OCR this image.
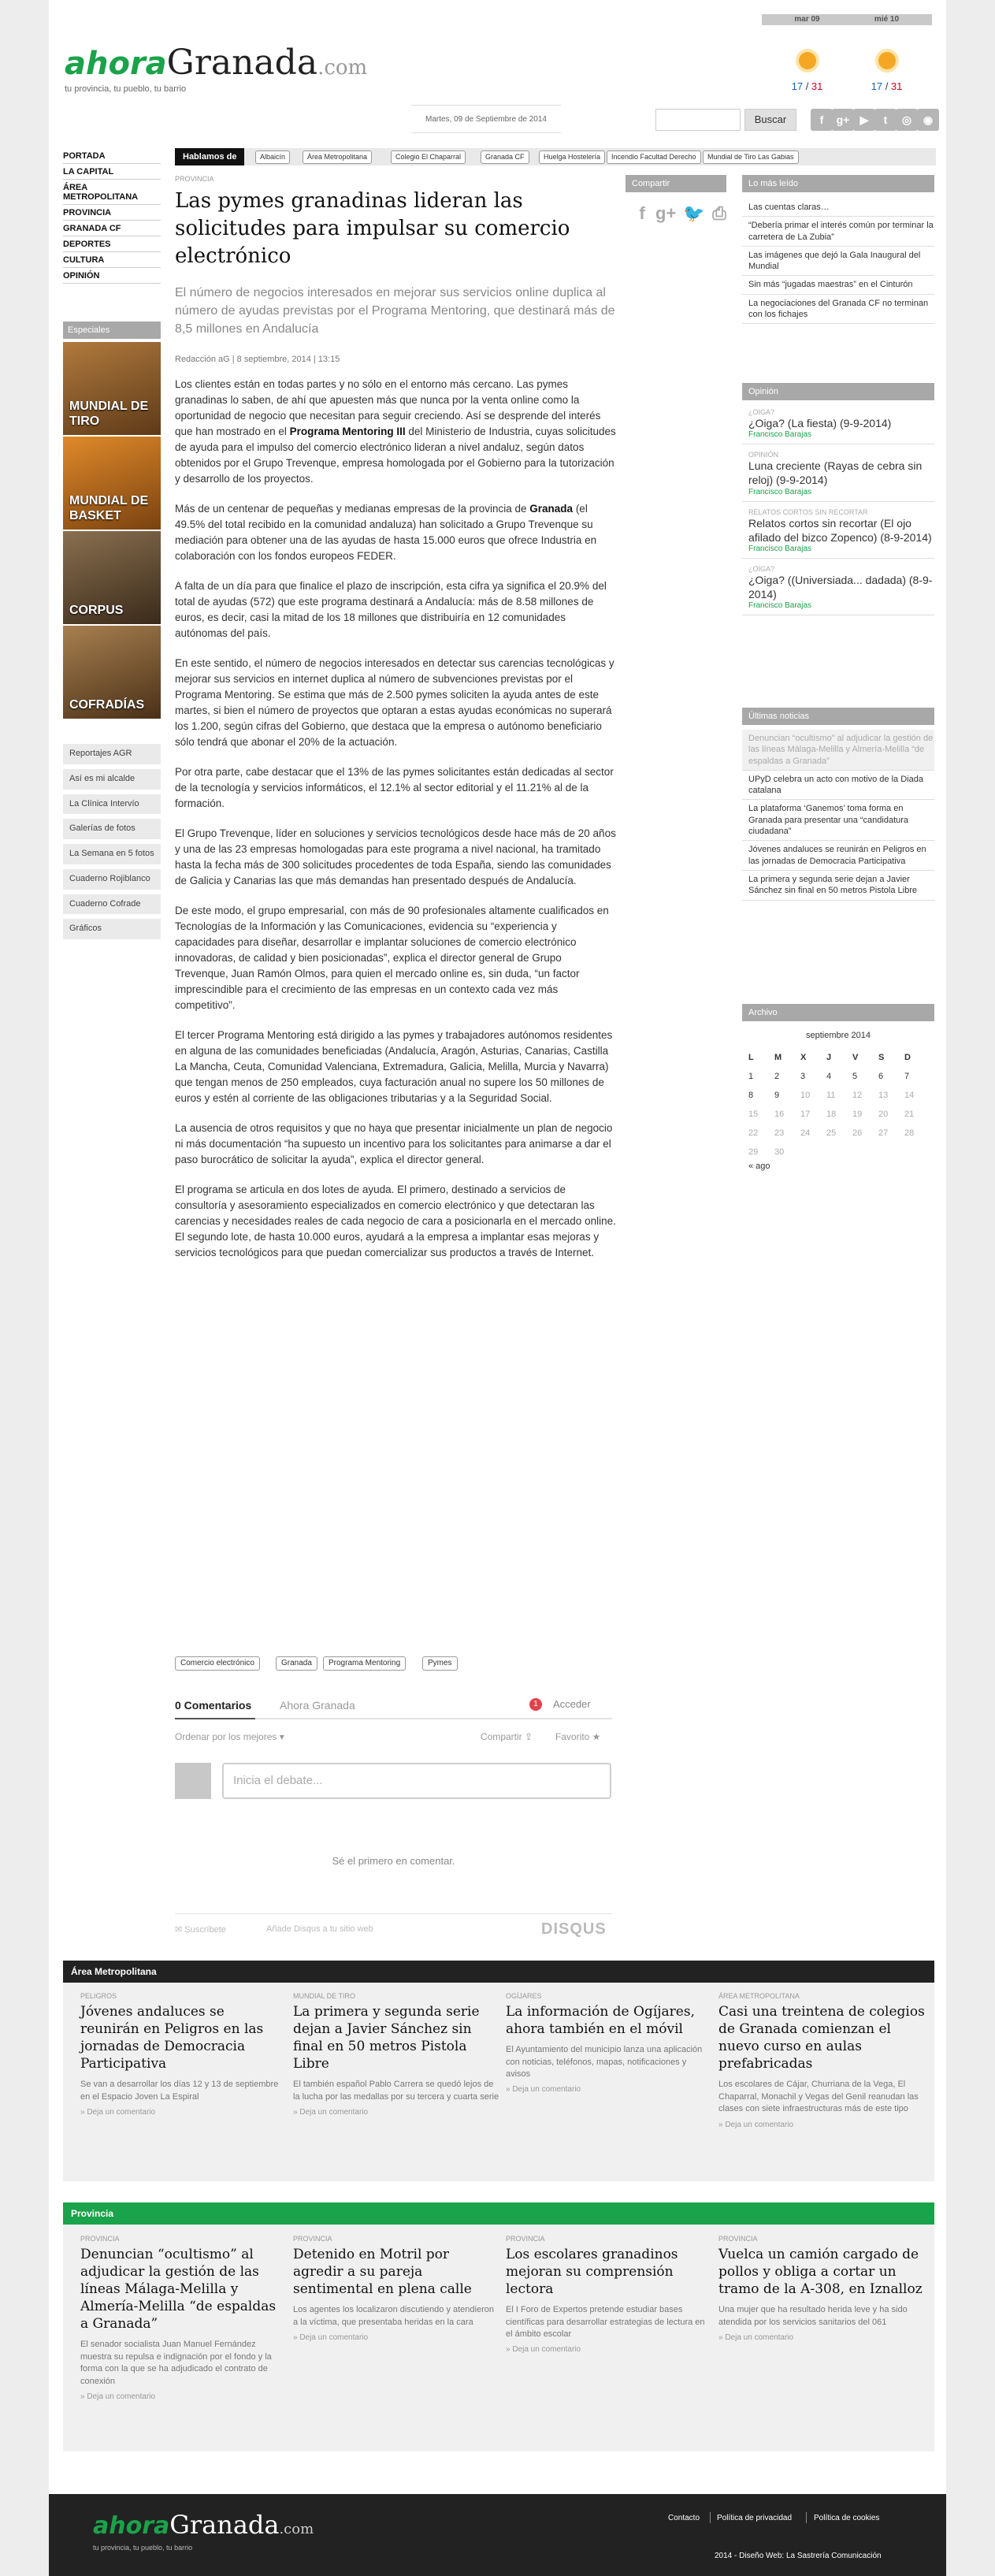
ahoraGranada.com
tu provincia, tu pueblo, tu barrio
mar 09
17 / 31
mié 10
17 / 31
Martes, 09 de Septiembre de 2014	Buscar	f	g+ ▶	t	◎	◉
PORTADA
LA CAPITAL
ÁREA METROPOLITANA
PROVINCIA
GRANADA CF
DEPORTES
CULTURA
OPINIÓN
Especiales
MUNDIAL DE TIRO
MUNDIAL DE BASKET
CORPUS
COFRADÍAS
Reportajes AGR
Así es mi alcalde
La Clínica Intervío
Galerías de fotos
La Semana en 5 fotos
Cuaderno Rojiblanco
Cuaderno Cofrade
Gráficos
Hablamos de	Albaicín	Área Metropolitana	Colegio El Chaparral	Granada CF	Huelga Hostelería	Incendio Facultad Derecho	Mundial de Tiro Las Gabias
PROVINCIA
Las pymes granadinas lideran las solicitudes para impulsar su comercio electrónico
El número de negocios interesados en mejorar sus servicios online duplica al número de ayudas previstas por el Programa Mentoring, que destinará más de 8,5 millones en Andalucía
Redacción aG | 8 septiembre, 2014 | 13:15

Los clientes están en todas partes y no sólo en el entorno más cercano. Las pymes granadinas lo saben, de ahí que apuesten más que nunca por la venta online como la oportunidad de negocio que necesitan para seguir creciendo. Así se desprende del interés que han mostrado en el Programa Mentoring III del Ministerio de Industria, cuyas solicitudes de ayuda para el impulso del comercio electrónico lideran a nivel andaluz, según datos obtenidos por el Grupo Trevenque, empresa homologada por el Gobierno para la tutorización y desarrollo de los proyectos.

Más de un centenar de pequeñas y medianas empresas de la provincia de Granada (el 49.5% del total recibido en la comunidad andaluza) han solicitado a Grupo Trevenque su mediación para obtener una de las ayudas de hasta 15.000 euros que ofrece Industria en colaboración con los fondos europeos FEDER.

A falta de un día para que finalice el plazo de inscripción, esta cifra ya significa el 20.9% del total de ayudas (572) que este programa destinará a Andalucía: más de 8.58 millones de euros, es decir, casi la mitad de los 18 millones que distribuiría en 12 comunidades autónomas del país.

En este sentido, el número de negocios interesados en detectar sus carencias tecnológicas y mejorar sus servicios en internet duplica al número de subvenciones previstas por el Programa Mentoring. Se estima que más de 2.500 pymes soliciten la ayuda antes de este martes, si bien el número de proyectos que optaran a estas ayudas económicas no superará los 1.200, según cifras del Gobierno, que destaca que la empresa o autónomo beneficiario sólo tendrá que abonar el 20% de la actuación.

Por otra parte, cabe destacar que el 13% de las pymes solicitantes están dedicadas al sector de la tecnología y servicios informáticos, el 12.1% al sector editorial y el 11.21% al de la formación.

El Grupo Trevenque, líder en soluciones y servicios tecnológicos desde hace más de 20 años y una de las 23 empresas homologadas para este programa a nivel nacional, ha tramitado hasta la fecha más de 300 solicitudes procedentes de toda España, siendo las comunidades de Galicia y Canarias las que más demandas han presentado después de Andalucía.

De este modo, el grupo empresarial, con más de 90 profesionales altamente cualificados en Tecnologías de la Información y las Comunicaciones, evidencia su “experiencia y capacidades para diseñar, desarrollar e implantar soluciones de comercio electrónico innovadoras, de calidad y bien posicionadas”, explica el director general de Grupo Trevenque, Juan Ramón Olmos, para quien el mercado online es, sin duda, “un factor imprescindible para el crecimiento de las empresas en un contexto cada vez más competitivo”.

El tercer Programa Mentoring está dirigido a las pymes y trabajadores autónomos residentes en alguna de las comunidades beneficiadas (Andalucía, Aragón, Asturias, Canarias, Castilla La Mancha, Ceuta, Comunidad Valenciana, Extremadura, Galicia, Melilla, Murcia y Navarra) que tengan menos de 250 empleados, cuya facturación anual no supere los 50 millones de euros y estén al corriente de las obligaciones tributarias y a la Seguridad Social.

La ausencia de otros requisitos y que no haya que presentar inicialmente un plan de negocio ni más documentación “ha supuesto un incentivo para los solicitantes para animarse a dar el paso burocrático de solicitar la ayuda”, explica el director general.

El programa se articula en dos lotes de ayuda. El primero, destinado a servicios de consultoría y asesoramiento especializados en comercio electrónico y que detectaran las carencias y necesidades reales de cada negocio de cara a posicionarla en el mercado online. El segundo lote, de hasta 10.000 euros, ayudará a la empresa a implantar esas mejoras y servicios tecnológicos para que puedan comercializar sus productos a través de Internet.

Comercio electrónico	Granada	Programa Mentoring	Pymes
0 Comentarios	Ahora Granada	1	Acceder
Ordenar por los mejores ▾	Compartir ⇪ Favorito ★
Inicia el debate...
Sé el primero en comentar.
✉ Suscríbete	Añade Disqus a tu sitio web	DISQUS
Compartir
f g+ 🐦 ⎙
Lo más leído
Las cuentas claras…
“Debería primar el interés común por terminar la carretera de La Zubia”
Las imágenes que dejó la Gala Inaugural del Mundial
Sin más “jugadas maestras” en el Cinturón
La negociaciones del Granada CF no terminan con los fichajes
Opinión
¿OIGA?
¿Oiga? (La fiesta) (9-9-2014)
Francisco Barajas
OPINIÓN
Luna creciente (Rayas de cebra sin reloj) (9-9-2014)
Francisco Barajas
RELATOS CORTOS SIN RECORTAR
Relatos cortos sin recortar (El ojo afilado del bizco Zopenco) (8-9-2014)
Francisco Barajas
¿OIGA?
¿Oiga? ((Universiada... dadada) (8-9-2014)
Francisco Barajas
Últimas noticias
Denuncian “ocultismo” al adjudicar la gestión de las líneas Málaga-Melilla y Almería-Melilla “de espaldas a Granada”
UPyD celebra un acto con motivo de la Diada catalana
La plataforma ‘Ganemos’ toma forma en Granada para presentar una “candidatura ciudadana”
Jóvenes andaluces se reunirán en Peligros en las jornadas de Democracia Participativa
La primera y segunda serie dejan a Javier Sánchez sin final en 50 metros Pistola Libre
Archivo
septiembre 2014
L	M	X	J	V	S	D
1	2	3	4	5	6	7
8	9	10	11	12	13	14
15	16	17	18	19	20	21
22	23	24	25	26	27	28
29	30
« ago
Área Metropolitana
PELIGROS
Jóvenes andaluces se reunirán en Peligros en las jornadas de Democracia Participativa
Se van a desarrollar los días 12 y 13 de septiembre en el Espacio Joven La Espiral
» Deja un comentario
MUNDIAL DE TIRO
La primera y segunda serie dejan a Javier Sánchez sin final en 50 metros Pistola Libre
El también español Pablo Carrera se quedó lejos de la lucha por las medallas por su tercera y cuarta serie
» Deja un comentario
OGÍJARES
La información de Ogíjares, ahora también en el móvil
El Ayuntamiento del municipio lanza una aplicación con noticias, teléfonos, mapas, notificaciones y avisos
» Deja un comentario
ÁREA METROPOLITANA
Casi una treintena de colegios de Granada comienzan el nuevo curso en aulas prefabricadas
Los escolares de Cájar, Churriana de la Vega, El Chaparral, Monachil y Vegas del Genil reanudan las clases con siete infraestructuras más de este tipo
» Deja un comentario
Provincia
PROVINCIA
Denuncian “ocultismo” al adjudicar la gestión de las líneas Málaga-Melilla y Almería-Melilla “de espaldas a Granada”
El senador socialista Juan Manuel Fernández muestra su repulsa e indignación por el fondo y la forma con la que se ha adjudicado el contrato de conexión
» Deja un comentario
PROVINCIA
Detenido en Motril por agredir a su pareja sentimental en plena calle
Los agentes los localizaron discutiendo y atendieron a la víctima, que presentaba heridas en la cara
» Deja un comentario
PROVINCIA
Los escolares granadinos mejoran su comprensión lectora
El I Foro de Expertos pretende estudiar bases científicas para desarrollar estrategias de lectura en el ámbito escolar
» Deja un comentario
PROVINCIA
Vuelca un camión cargado de pollos y obliga a cortar un tramo de la A-308, en Iznalloz
Una mujer que ha resultado herida leve y ha sido atendida por los servicios sanitarios del 061
» Deja un comentario
ahoraGranada.com
tu provincia, tu pueblo, tu barrio
Contacto Política de privacidad	Política de cookies
2014 - Diseño Web: La Sastrería Comunicación
